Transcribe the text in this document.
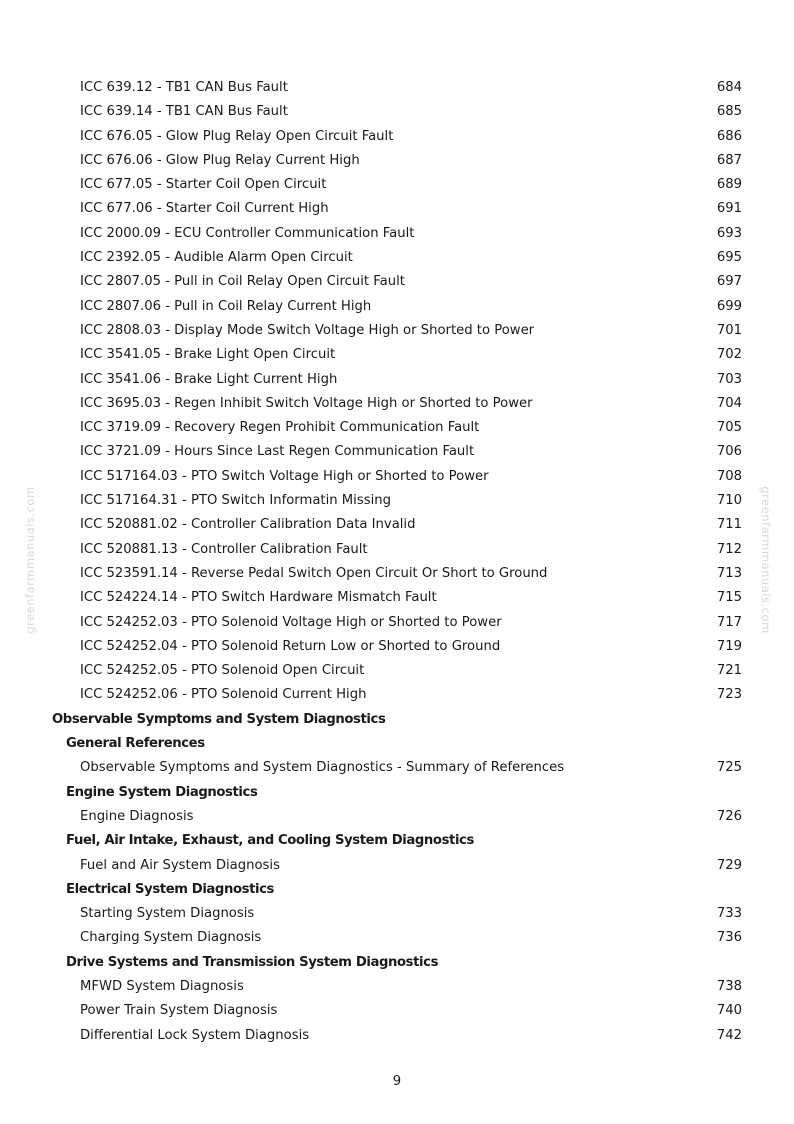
greenfarmmanuals.com	greenfarmmanuals.com
ICC 639.12 - TB1 CAN Bus Fault	684
ICC 639.14 - TB1 CAN Bus Fault	685
ICC 676.05 - Glow Plug Relay Open Circuit Fault	686
ICC 676.06 - Glow Plug Relay Current High	687
ICC 677.05 - Starter Coil Open Circuit	689
ICC 677.06 - Starter Coil Current High	691
ICC 2000.09 - ECU Controller Communication Fault	693
ICC 2392.05 - Audible Alarm Open Circuit	695
ICC 2807.05 - Pull in Coil Relay Open Circuit Fault	697
ICC 2807.06 - Pull in Coil Relay Current High	699
ICC 2808.03 - Display Mode Switch Voltage High or Shorted to Power	701
ICC 3541.05 - Brake Light Open Circuit	702
ICC 3541.06 - Brake Light Current High	703
ICC 3695.03 - Regen Inhibit Switch Voltage High or Shorted to Power	704
ICC 3719.09 - Recovery Regen Prohibit Communication Fault	705
ICC 3721.09 - Hours Since Last Regen Communication Fault	706
ICC 517164.03 - PTO Switch Voltage High or Shorted to Power	708
ICC 517164.31 - PTO Switch Informatin Missing	710
ICC 520881.02 - Controller Calibration Data Invalid	711
ICC 520881.13 - Controller Calibration Fault	712
ICC 523591.14 - Reverse Pedal Switch Open Circuit Or Short to Ground	713
ICC 524224.14 - PTO Switch Hardware Mismatch Fault	715
ICC 524252.03 - PTO Solenoid Voltage High or Shorted to Power	717
ICC 524252.04 - PTO Solenoid Return Low or Shorted to Ground	719
ICC 524252.05 - PTO Solenoid Open Circuit	721
ICC 524252.06 - PTO Solenoid Current High	723
Observable Symptoms and System Diagnostics
General References
Observable Symptoms and System Diagnostics - Summary of References	725
Engine System Diagnostics
Engine Diagnosis	726
Fuel, Air Intake, Exhaust, and Cooling System Diagnostics
Fuel and Air System Diagnosis	729
Electrical System Diagnostics
Starting System Diagnosis	733
Charging System Diagnosis	736
Drive Systems and Transmission System Diagnostics
MFWD System Diagnosis	738
Power Train System Diagnosis	740
Differential Lock System Diagnosis	742
9
